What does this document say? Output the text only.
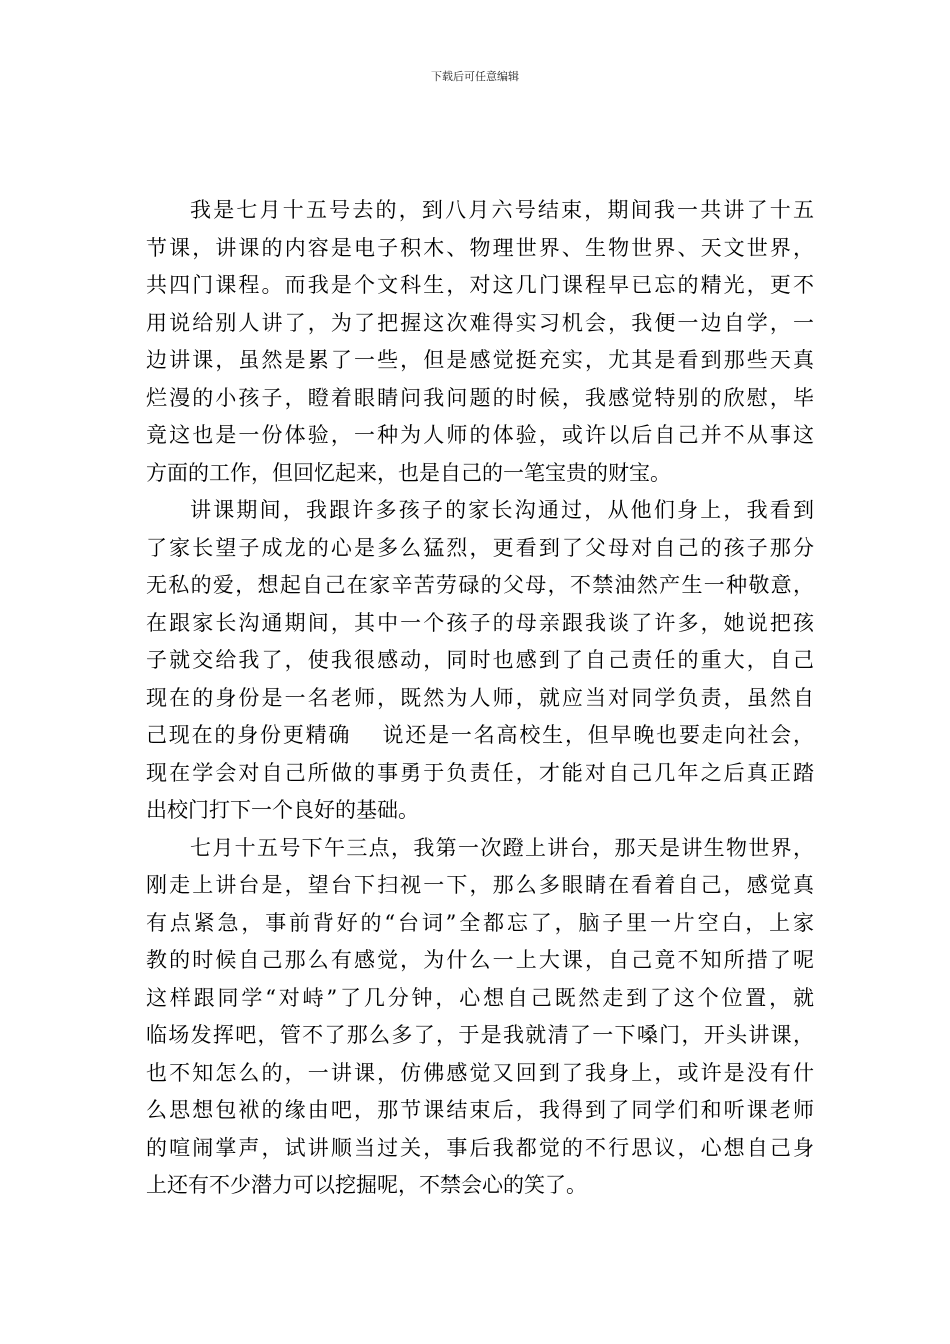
下载后可任意编辑
我是七月十五号去的，到八月六号结束，期间我一共讲了十五
节课，讲课的内容是电子积木、物理世界、生物世界、天文世界，
共四门课程。而我是个文科生，对这几门课程早已忘的精光，更不
用说给别人讲了，为了把握这次难得实习机会，我便一边自学，一
边讲课，虽然是累了一些，但是感觉挺充实，尤其是看到那些天真
烂漫的小孩子，瞪着眼睛问我问题的时候，我感觉特别的欣慰，毕
竟这也是一份体验，一种为人师的体验，或许以后自己并不从事这
方面的工作，但回忆起来，也是自己的一笔宝贵的财宝。
讲课期间，我跟许多孩子的家长沟通过，从他们身上，我看到
了家长望子成龙的心是多么猛烈，更看到了父母对自己的孩子那分
无私的爱，想起自己在家辛苦劳碌的父母，不禁油然产生一种敬意，
在跟家长沟通期间，其中一个孩子的母亲跟我谈了许多，她说把孩
子就交给我了，使我很感动，同时也感到了自己责任的重大，自己
现在的身份是一名老师，既然为人师，就应当对同学负责，虽然自
己现在的身份更精确　 说还是一名高校生，但早晚也要走向社会，
现在学会对自己所做的事勇于负责任，才能对自己几年之后真正踏
出校门打下一个良好的基础。
七月十五号下午三点，我第一次蹬上讲台，那天是讲生物世界，
刚走上讲台是，望台下扫视一下，那么多眼睛在看着自己，感觉真
有点紧急，事前背好的“台词”全都忘了，脑子里一片空白，上家
教的时候自己那么有感觉，为什么一上大课，自己竟不知所措了呢
这样跟同学“对峙”了几分钟，心想自己既然走到了这个位置，就
临场发挥吧，管不了那么多了，于是我就清了一下嗓门，开头讲课，
也不知怎么的，一讲课，仿佛感觉又回到了我身上，或许是没有什
么思想包袱的缘由吧，那节课结束后，我得到了同学们和听课老师
的喧闹掌声，试讲顺当过关，事后我都觉的不行思议，心想自己身
上还有不少潜力可以挖掘呢，不禁会心的笑了。
